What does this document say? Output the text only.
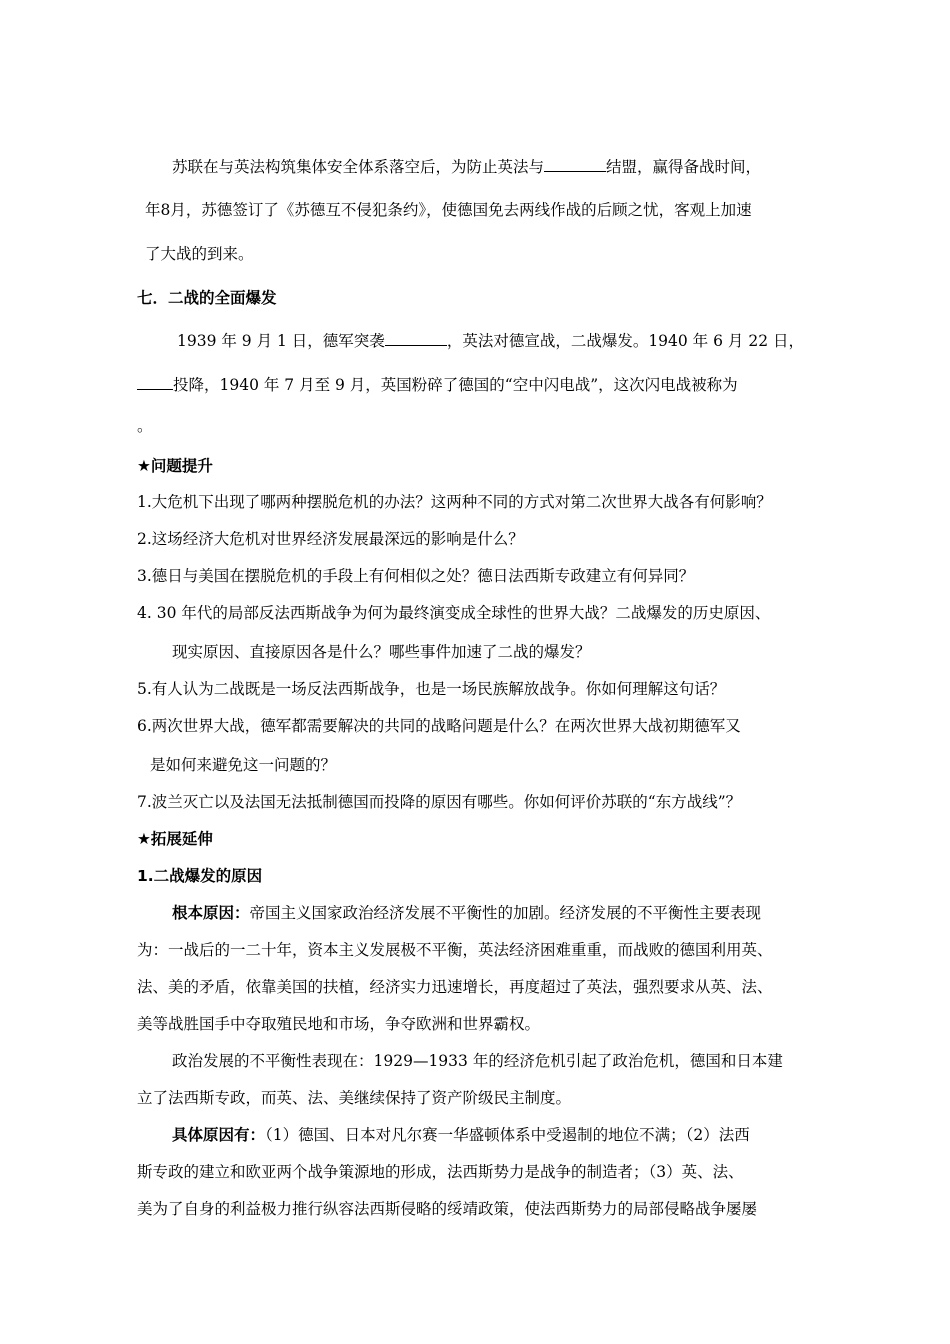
苏联在与英法构筑集体安全体系落空后，为防止英法与	结盟，赢得备战时间，
年8月，苏德签订了《苏德互不侵犯条约》，使德国免去两线作战的后顾之忧，客观上加速
了大战的到来。
七．二战的全面爆发
1939 年 9 月 1 日，德军突袭	，英法对德宣战，二战爆发。1940 年 6 月 22 日，
投降，1940 年 7 月至 9 月，英国粉碎了德国的“空中闪电战”，这次闪电战被称为
。
★问题提升
1.大危机下出现了哪两种摆脱危机的办法？这两种不同的方式对第二次世界大战各有何影响？
2.这场经济大危机对世界经济发展最深远的影响是什么？
3.德日与美国在摆脱危机的手段上有何相似之处？德日法西斯专政建立有何异同？
4. 30 年代的局部反法西斯战争为何为最终演变成全球性的世界大战？二战爆发的历史原因、
现实原因、直接原因各是什么？哪些事件加速了二战的爆发？
5.有人认为二战既是一场反法西斯战争，也是一场民族解放战争。你如何理解这句话？
6.两次世界大战，德军都需要解决的共同的战略问题是什么？在两次世界大战初期德军又
是如何来避免这一问题的？
7.波兰灭亡以及法国无法抵制德国而投降的原因有哪些。你如何评价苏联的“东方战线”？
★拓展延伸
1.二战爆发的原因
根本原因：帝国主义国家政治经济发展不平衡性的加剧。经济发展的不平衡性主要表现
为：一战后的一二十年，资本主义发展极不平衡，英法经济困难重重，而战败的德国利用英、
法、美的矛盾，依靠美国的扶植，经济实力迅速增长，再度超过了英法，强烈要求从英、法、
美等战胜国手中夺取殖民地和市场，争夺欧洲和世界霸权。
政治发展的不平衡性表现在：1929—1933 年的经济危机引起了政治危机，德国和日本建
立了法西斯专政，而英、法、美继续保持了资产阶级民主制度。
具体原因有：（1）德国、日本对凡尔赛一华盛顿体系中受遏制的地位不满；（2）法西
斯专政的建立和欧亚两个战争策源地的形成，法西斯势力是战争的制造者；（3）英、法、
美为了自身的利益极力推行纵容法西斯侵略的绥靖政策，使法西斯势力的局部侵略战争屡屡
